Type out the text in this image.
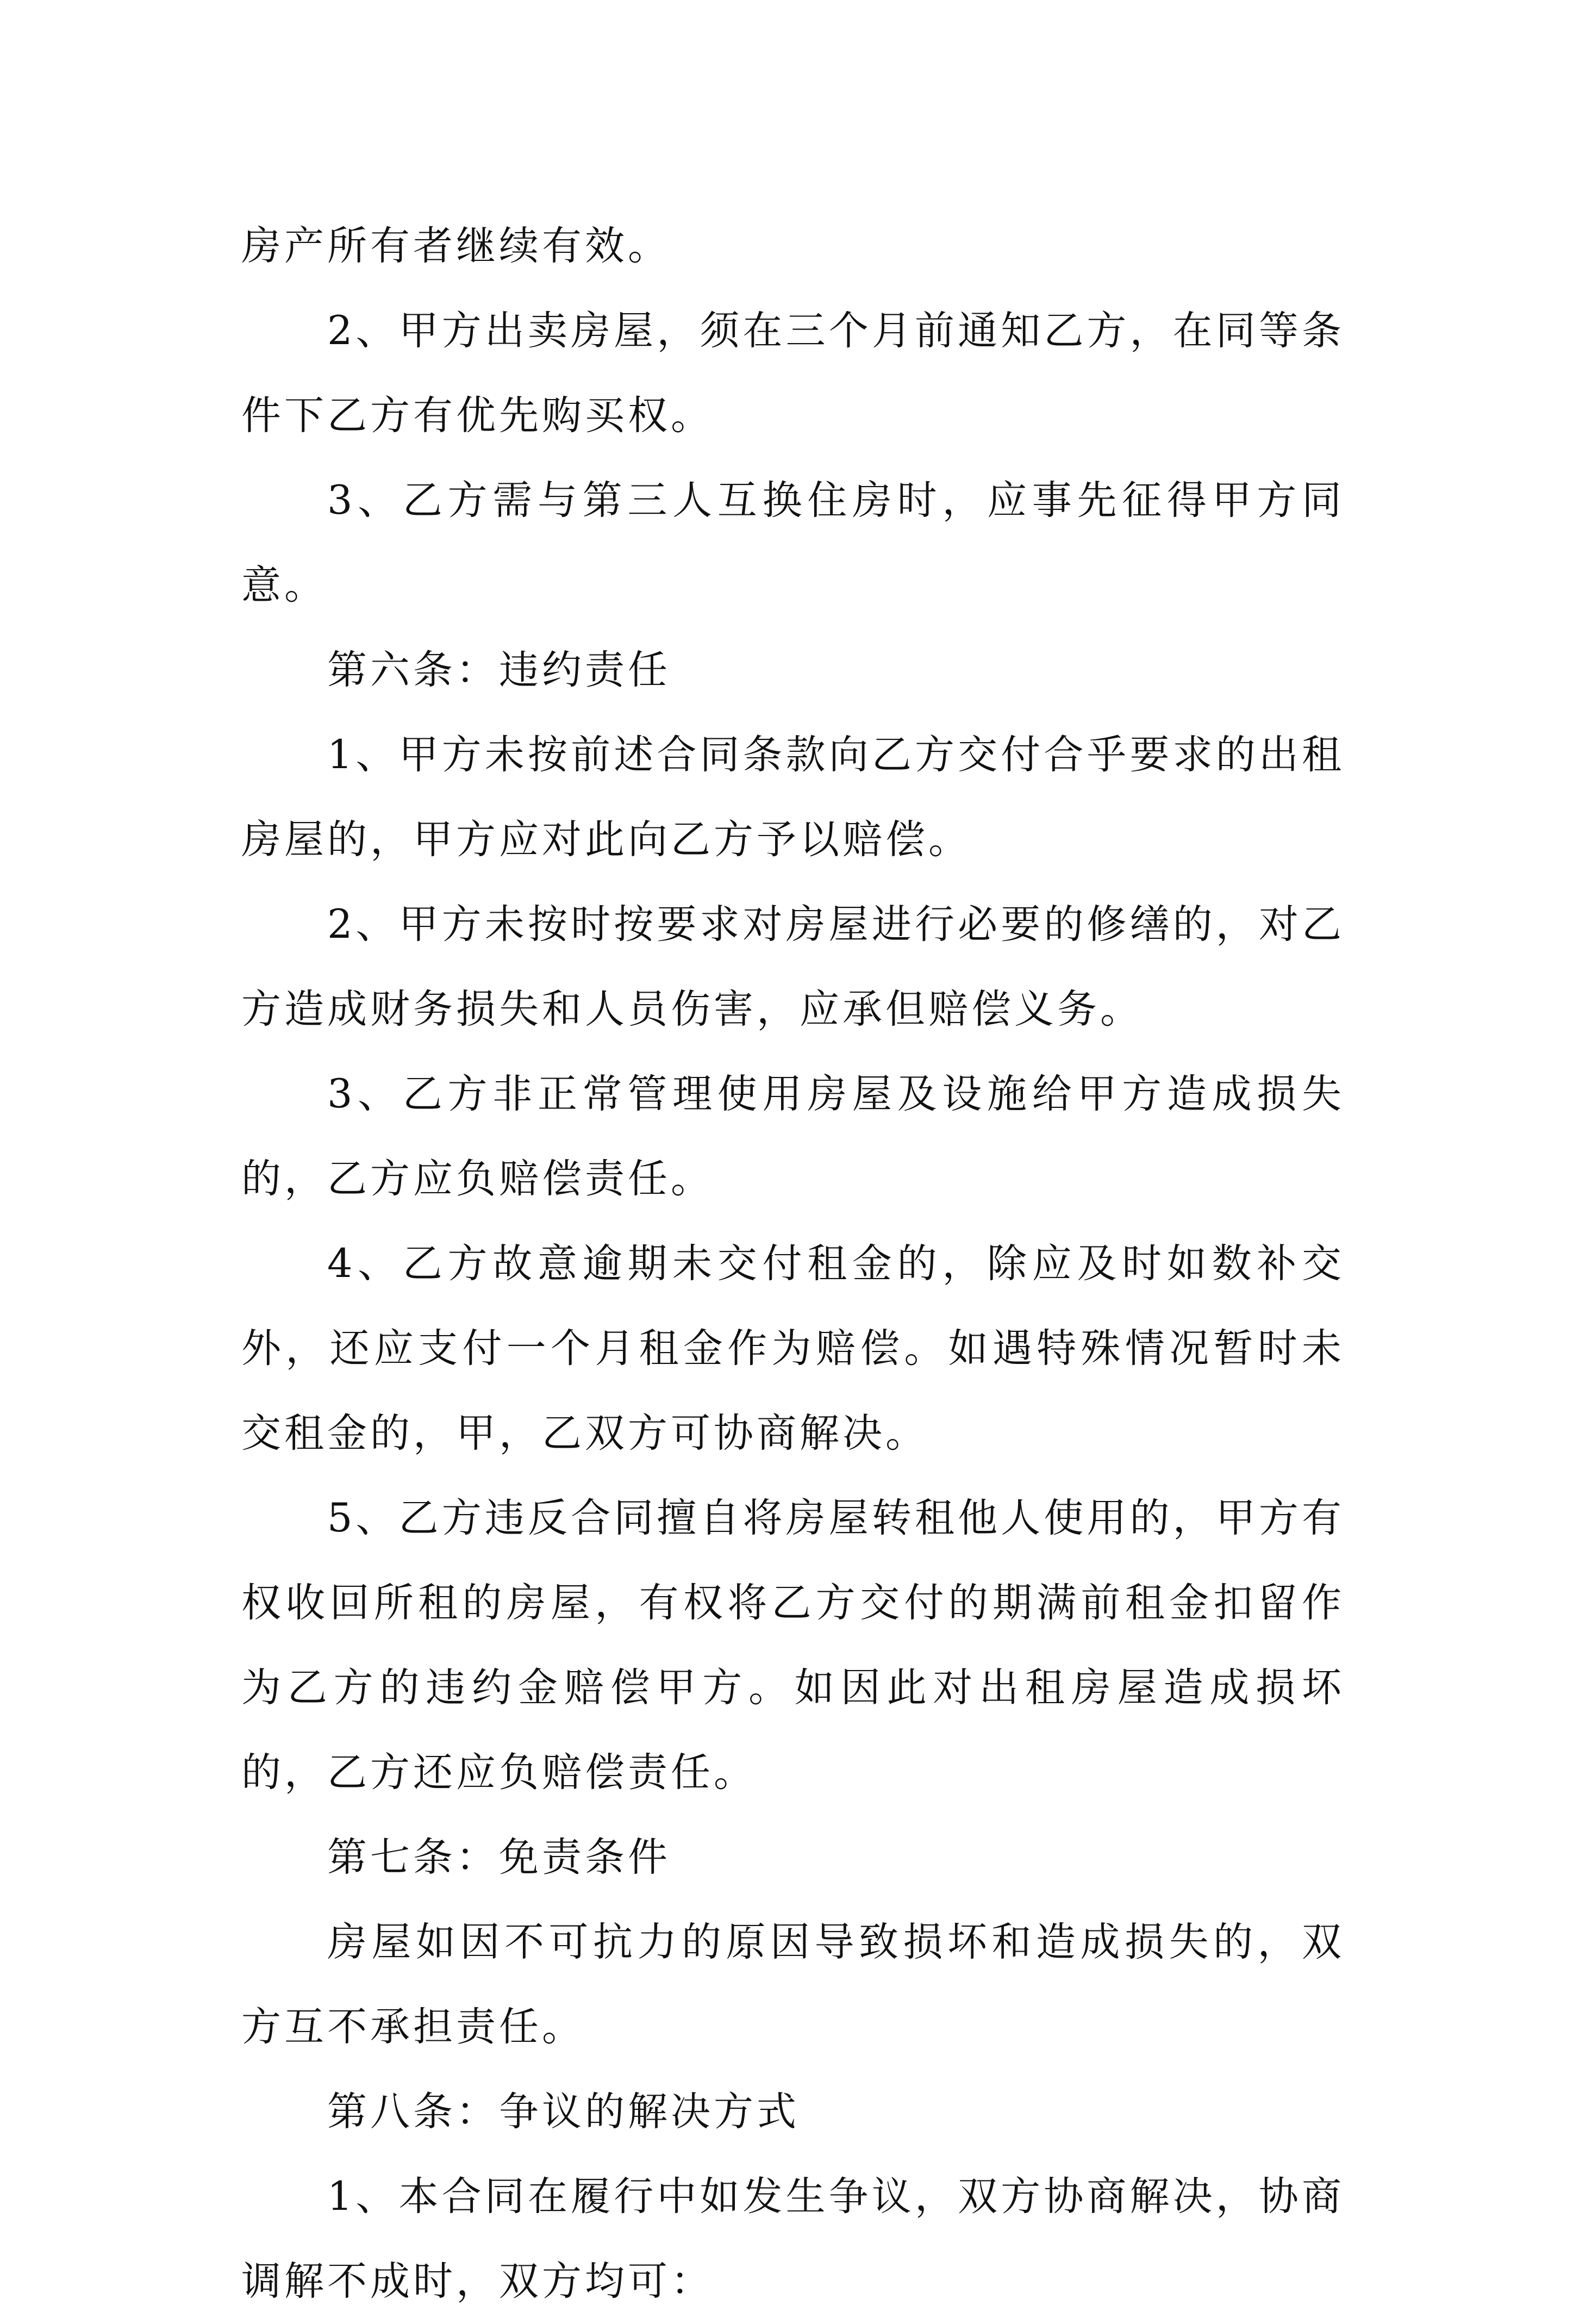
房产所有者继续有效。

2、甲方出卖房屋，须在三个月前通知乙方，在同等条件下乙方有优先购买权。

3、乙方需与第三人互换住房时，应事先征得甲方同意。

第六条：违约责任

1、甲方未按前述合同条款向乙方交付合乎要求的出租房屋的，甲方应对此向乙方予以赔偿。

2、甲方未按时按要求对房屋进行必要的修缮的，对乙方造成财务损失和人员伤害，应承但赔偿义务。

3、乙方非正常管理使用房屋及设施给甲方造成损失的，乙方应负赔偿责任。

4、乙方故意逾期未交付租金的，除应及时如数补交外，还应支付一个月租金作为赔偿。如遇特殊情况暂时未交租金的，甲，乙双方可协商解决。

5、乙方违反合同擅自将房屋转租他人使用的，甲方有权收回所租的房屋，有权将乙方交付的期满前租金扣留作为乙方的违约金赔偿甲方。如因此对出租房屋造成损坏的，乙方还应负赔偿责任。

第七条：免责条件

房屋如因不可抗力的原因导致损坏和造成损失的，双方互不承担责任。

第八条：争议的解决方式

1、本合同在履行中如发生争议，双方协商解决，协商调解不成时，双方均可：
